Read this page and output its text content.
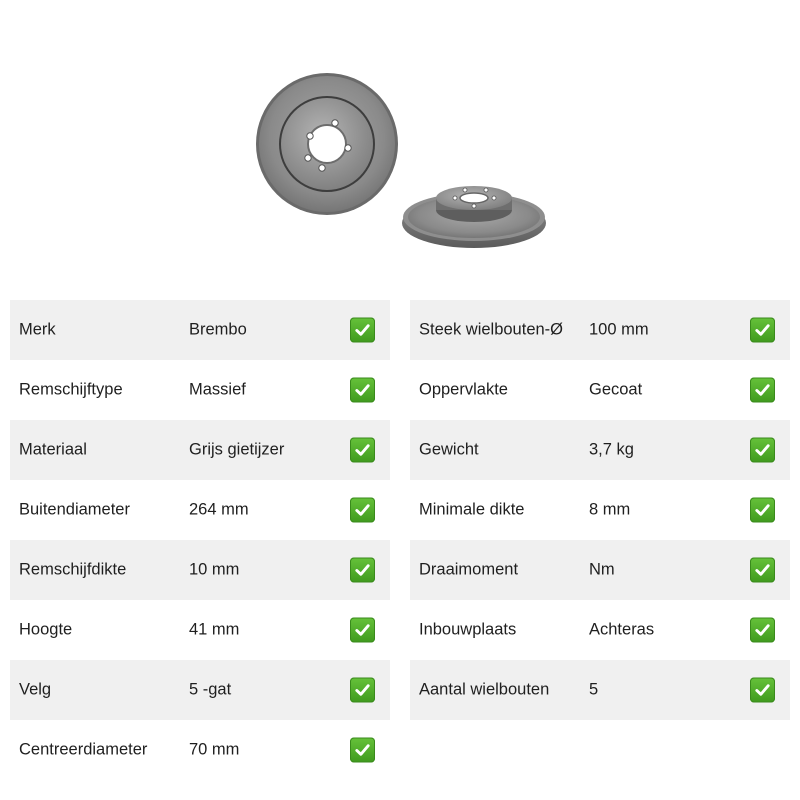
Merk	Brembo
Remschijftype	Massief
Materiaal	Grijs gietijzer
Buitendiameter	264 mm
Remschijfdikte	10 mm
Hoogte	41 mm
Velg	5 -gat
Centreerdiameter	70 mm
Steek wielbouten-Ø 100 mm
Oppervlakte	Gecoat
Gewicht	3,7 kg
Minimale dikte	8 mm
Draaimoment	Nm
Inbouwplaats	Achteras
Aantal wielbouten 5
